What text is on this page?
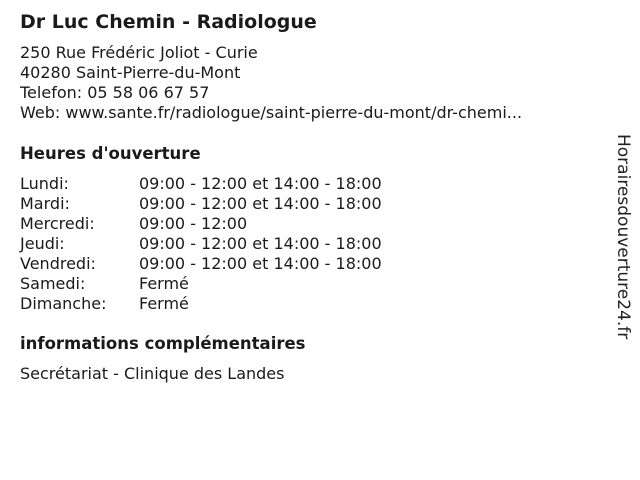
Dr Luc Chemin - Radiologue
250 Rue Frédéric Joliot - Curie
40280 Saint-Pierre-du-Mont
Telefon: 05 58 06 67 57
Web: www.sante.fr/radiologue/saint-pierre-du-mont/dr-chemi...
Heures d'ouverture
Lundi:	09:00 - 12:00 et 14:00 - 18:00
Mardi:	09:00 - 12:00 et 14:00 - 18:00
Mercredi:	09:00 - 12:00
Jeudi:	09:00 - 12:00 et 14:00 - 18:00
Vendredi:	09:00 - 12:00 et 14:00 - 18:00
Samedi:	Fermé
Dimanche: Fermé
informations complémentaires
Secrétariat - Clinique des Landes
Horairesdouverture24.fr
